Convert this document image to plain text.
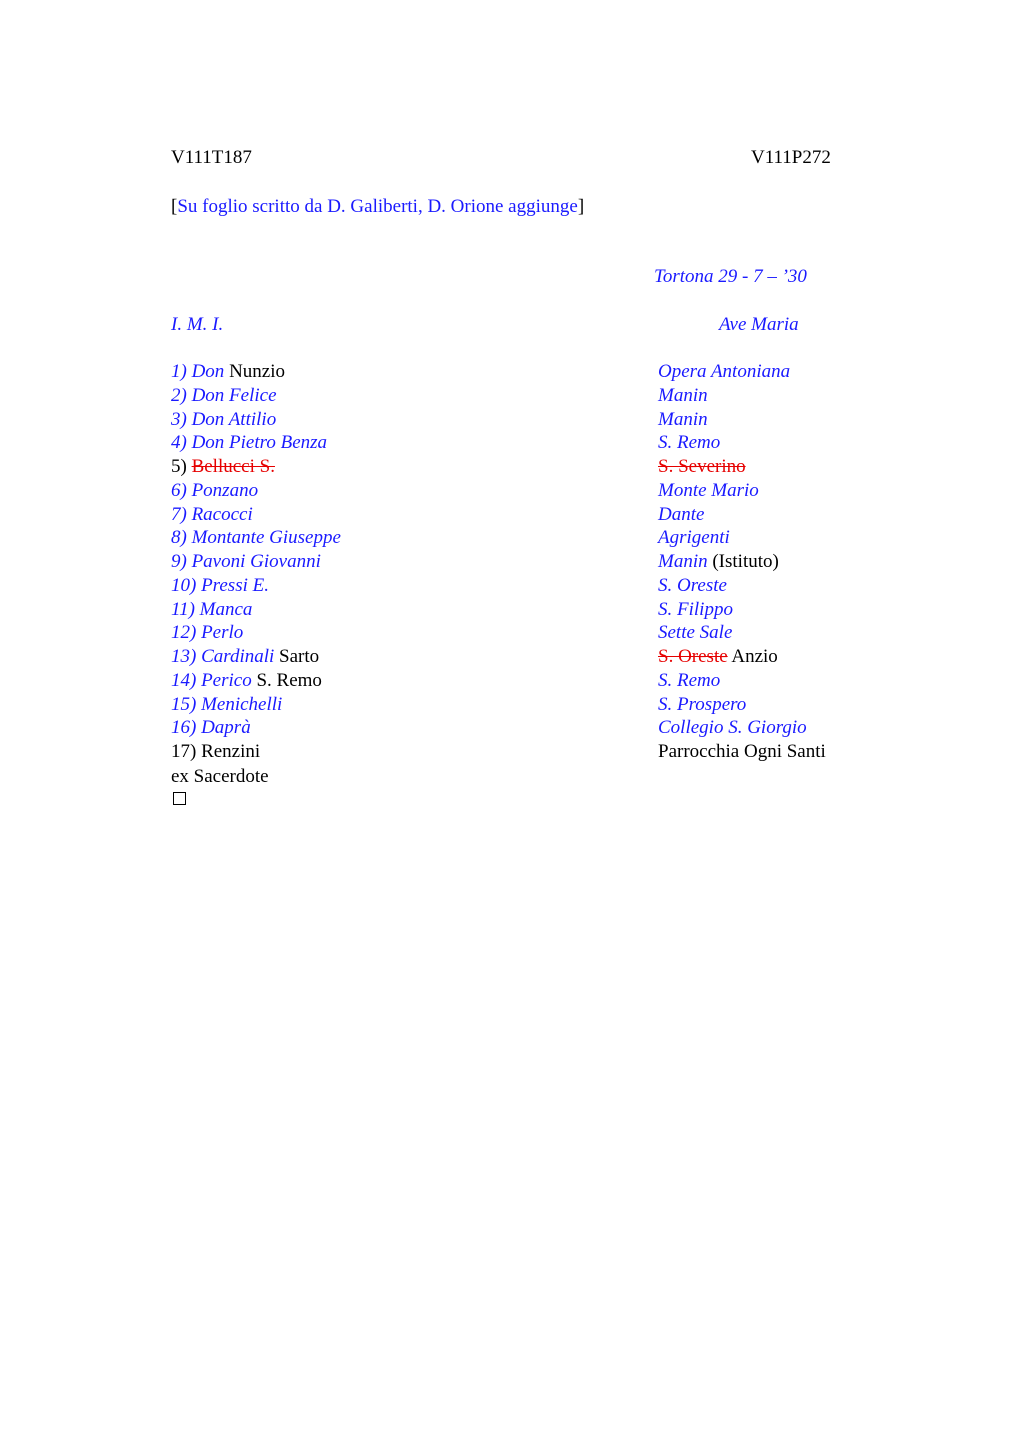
V111T187	V111P272
[Su foglio scritto da D. Galiberti, D. Orione aggiunge]
Tortona 29 - 7 – ’30
I. M. I.	Ave Maria
1) Don Nunzio	Opera Antoniana
2) Don Felice	Manin
3) Don Attilio	Manin
4) Don Pietro Benza	S. Remo
5) Bellucci S.	S. Severino
6) Ponzano	Monte Mario
7) Racocci	Dante
8) Montante Giuseppe	Agrigenti
9) Pavoni Giovanni	Manin (Istituto)
10) Pressi E.	S. Oreste
11) Manca	S. Filippo
12) Perlo	Sette Sale
13) Cardinali Sarto	S. Oreste Anzio
14) Perico S. Remo	S. Remo
15) Menichelli	S. Prospero
16) Daprà	Collegio S. Giorgio
17) Renzini	Parrocchia Ogni Santi
ex Sacerdote
